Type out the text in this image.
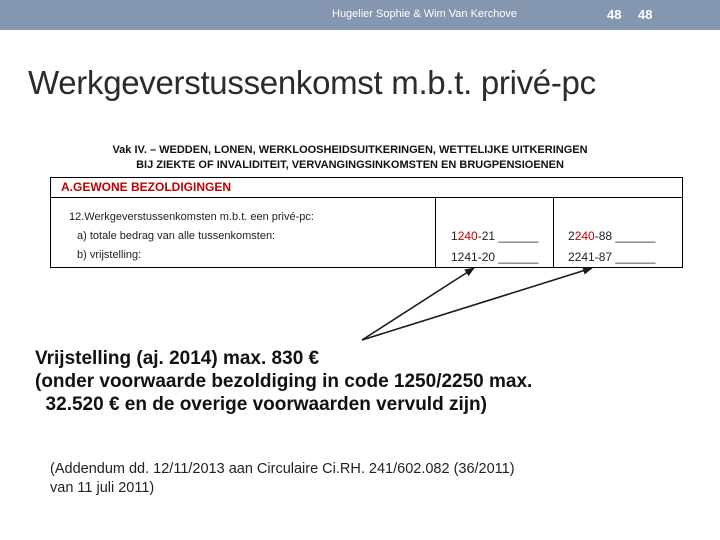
Hugelier Sophie & Wim Van Kerchove	48 48
Werkgeverstussenkomst m.b.t. privé-pc
Vak IV. – WEDDEN, LONEN, WERKLOOSHEIDSUITKERINGEN, WETTELIJKE UITKERINGEN
BIJ ZIEKTE OF INVALIDITEIT, VERVANGINGSINKOMSTEN EN BRUGPENSIOENEN
A.GEWONE BEZOLDIGINGEN
12.Werkgeverstussenkomsten m.b.t. een privé-pc:
a) totale bedrag van alle tussenkomsten:
b) vrijstelling:
1240-21 ______
1241-20 ______
2240-88 ______
2241-87 ______
Vrijstelling (aj. 2014) max. 830 €
(onder voorwaarde bezoldiging in code 1250/2250 max.
32.520 € en de overige voorwaarden vervuld zijn)
(Addendum dd. 12/11/2013 aan Circulaire Ci.RH. 241/602.082 (36/2011)
van 11 juli 2011)
